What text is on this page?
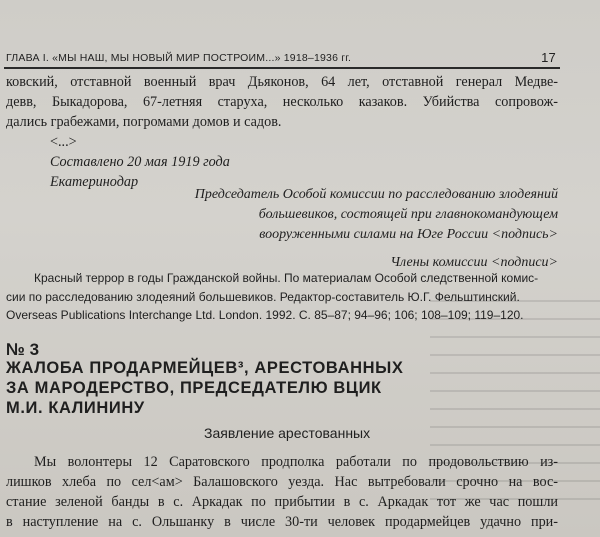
ГЛАВА I. «МЫ НАШ, МЫ НОВЫЙ МИР ПОСТРОИМ...» 1918–1936 гг.	17
ковский, отставной военный врач Дьяконов, 64 лет, отставной генерал Медве-
девв, Быкадорова, 67-летняя старуха, несколько казаков. Убийства сопровож-
дались грабежами, погромами домов и садов.
<...>
Составлено 20 мая 1919 года
Екатеринодар
Председатель Особой комиссии по расследованию злодеяний
большевиков, состоящей при главнокомандующем
вооруженными силами на Юге России <подпись>
Члены комиссии <подписи>
Красный террор в годы Гражданской войны. По материалам Особой следственной комис-
сии по расследованию злодеяний большевиков. Редактор-составитель Ю.Г. Фельштинский.
Overseas Publications Interchange Ltd. London. 1992. С. 85–87; 94–96; 106; 108–109; 119–120.
№ 3
ЖАЛОБА ПРОДАРМЕЙЦЕВ³, АРЕСТОВАННЫХ
ЗА МАРОДЕРСТВО, ПРЕДСЕДАТЕЛЮ ВЦИК
М.И. КАЛИНИНУ
Заявление арестованных
Мы волонтеры 12 Саратовского продполка работали по продовольствию из-
лишков хлеба по сел<ам> Балашовского уезда. Нас вытребовали срочно на вос-
стание зеленой банды в с. Аркадак по прибытии в с. Аркадак тот же час пошли
в наступление на с. Ольшанку в числе 30-ти человек продармейцев удачно при-
